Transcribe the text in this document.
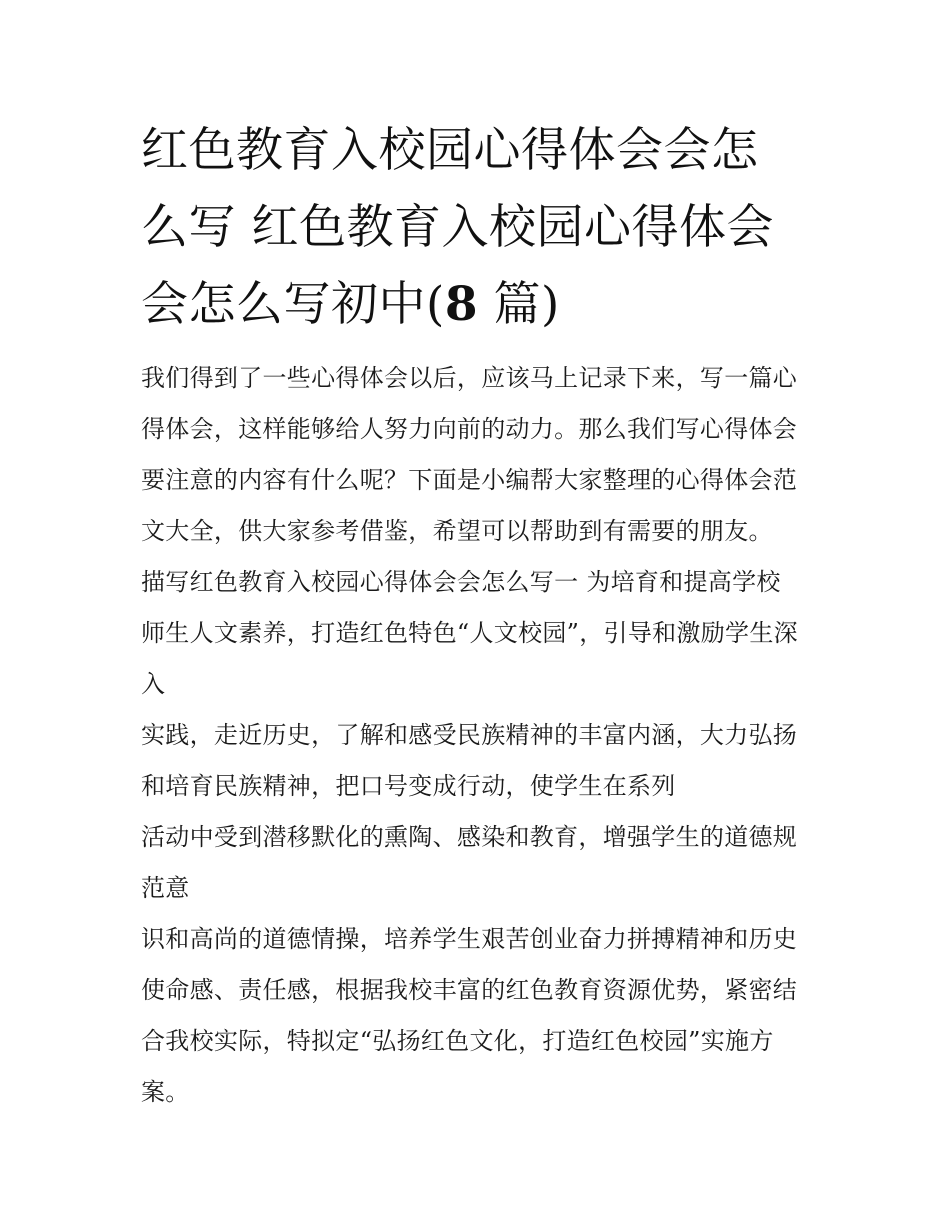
红色教育入校园心得体会会怎
么写 红色教育入校园心得体会
会怎么写初中(8 篇)
我们得到了一些心得体会以后，应该马上记录下来，写一篇心
得体会，这样能够给人努力向前的动力。那么我们写心得体会
要注意的内容有什么呢？下面是小编帮大家整理的心得体会范
文大全，供大家参考借鉴，希望可以帮助到有需要的朋友。
描写红色教育入校园心得体会会怎么写一 为培育和提高学校
师生人文素养，打造红色特色“人文校园”，引导和激励学生深
入
实践，走近历史，了解和感受民族精神的丰富内涵，大力弘扬
和培育民族精神，把口号变成行动，使学生在系列
活动中受到潜移默化的熏陶、感染和教育，增强学生的道德规
范意
识和高尚的道德情操，培养学生艰苦创业奋力拼搏精神和历史
使命感、责任感，根据我校丰富的红色教育资源优势，紧密结
合我校实际，特拟定“弘扬红色文化，打造红色校园”实施方
案。
